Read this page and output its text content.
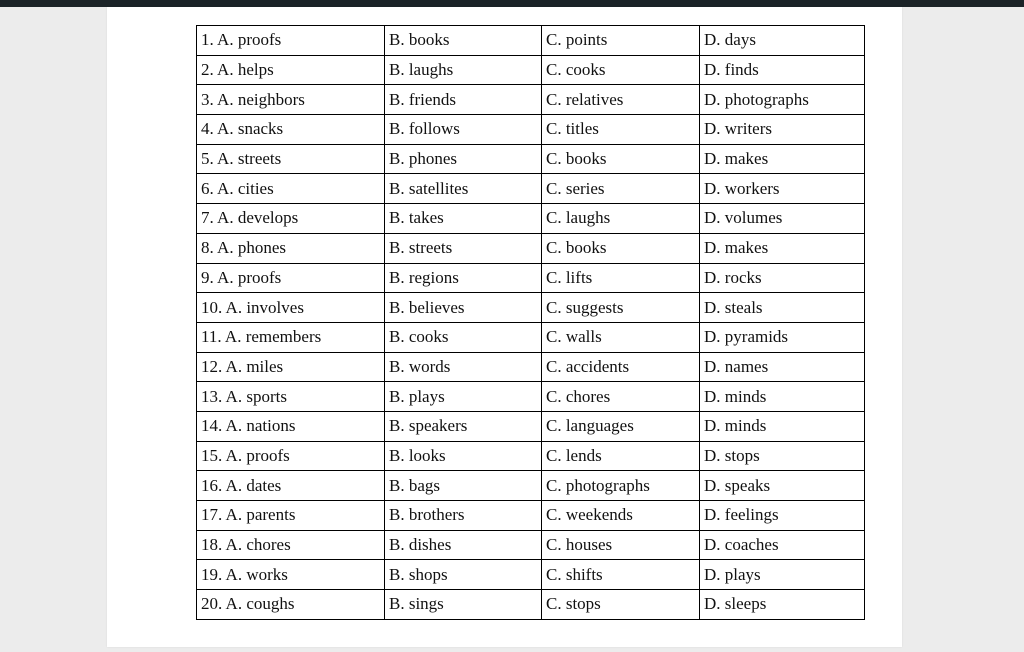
1. A. proofs	B. books	C. points	D. days
2. A. helps	B. laughs	C. cooks	D. finds
3. A. neighbors	B. friends	C. relatives	D. photographs
4. A. snacks	B. follows	C. titles	D. writers
5. A. streets	B. phones	C. books	D. makes
6. A. cities	B. satellites	C. series	D. workers
7. A. develops	B. takes	C. laughs	D. volumes
8. A. phones	B. streets	C. books	D. makes
9. A. proofs	B. regions	C. lifts	D. rocks
10. A. involves	B. believes	C. suggests	D. steals
11. A. remembers	B. cooks	C. walls	D. pyramids
12. A. miles	B. words	C. accidents	D. names
13. A. sports	B. plays	C. chores	D. minds
14. A. nations	B. speakers	C. languages	D. minds
15. A. proofs	B. looks	C. lends	D. stops
16. A. dates	B. bags	C. photographs	D. speaks
17. A. parents	B. brothers	C. weekends	D. feelings
18. A. chores	B. dishes	C. houses	D. coaches
19. A. works	B. shops	C. shifts	D. plays
20. A. coughs	B. sings	C. stops	D. sleeps
